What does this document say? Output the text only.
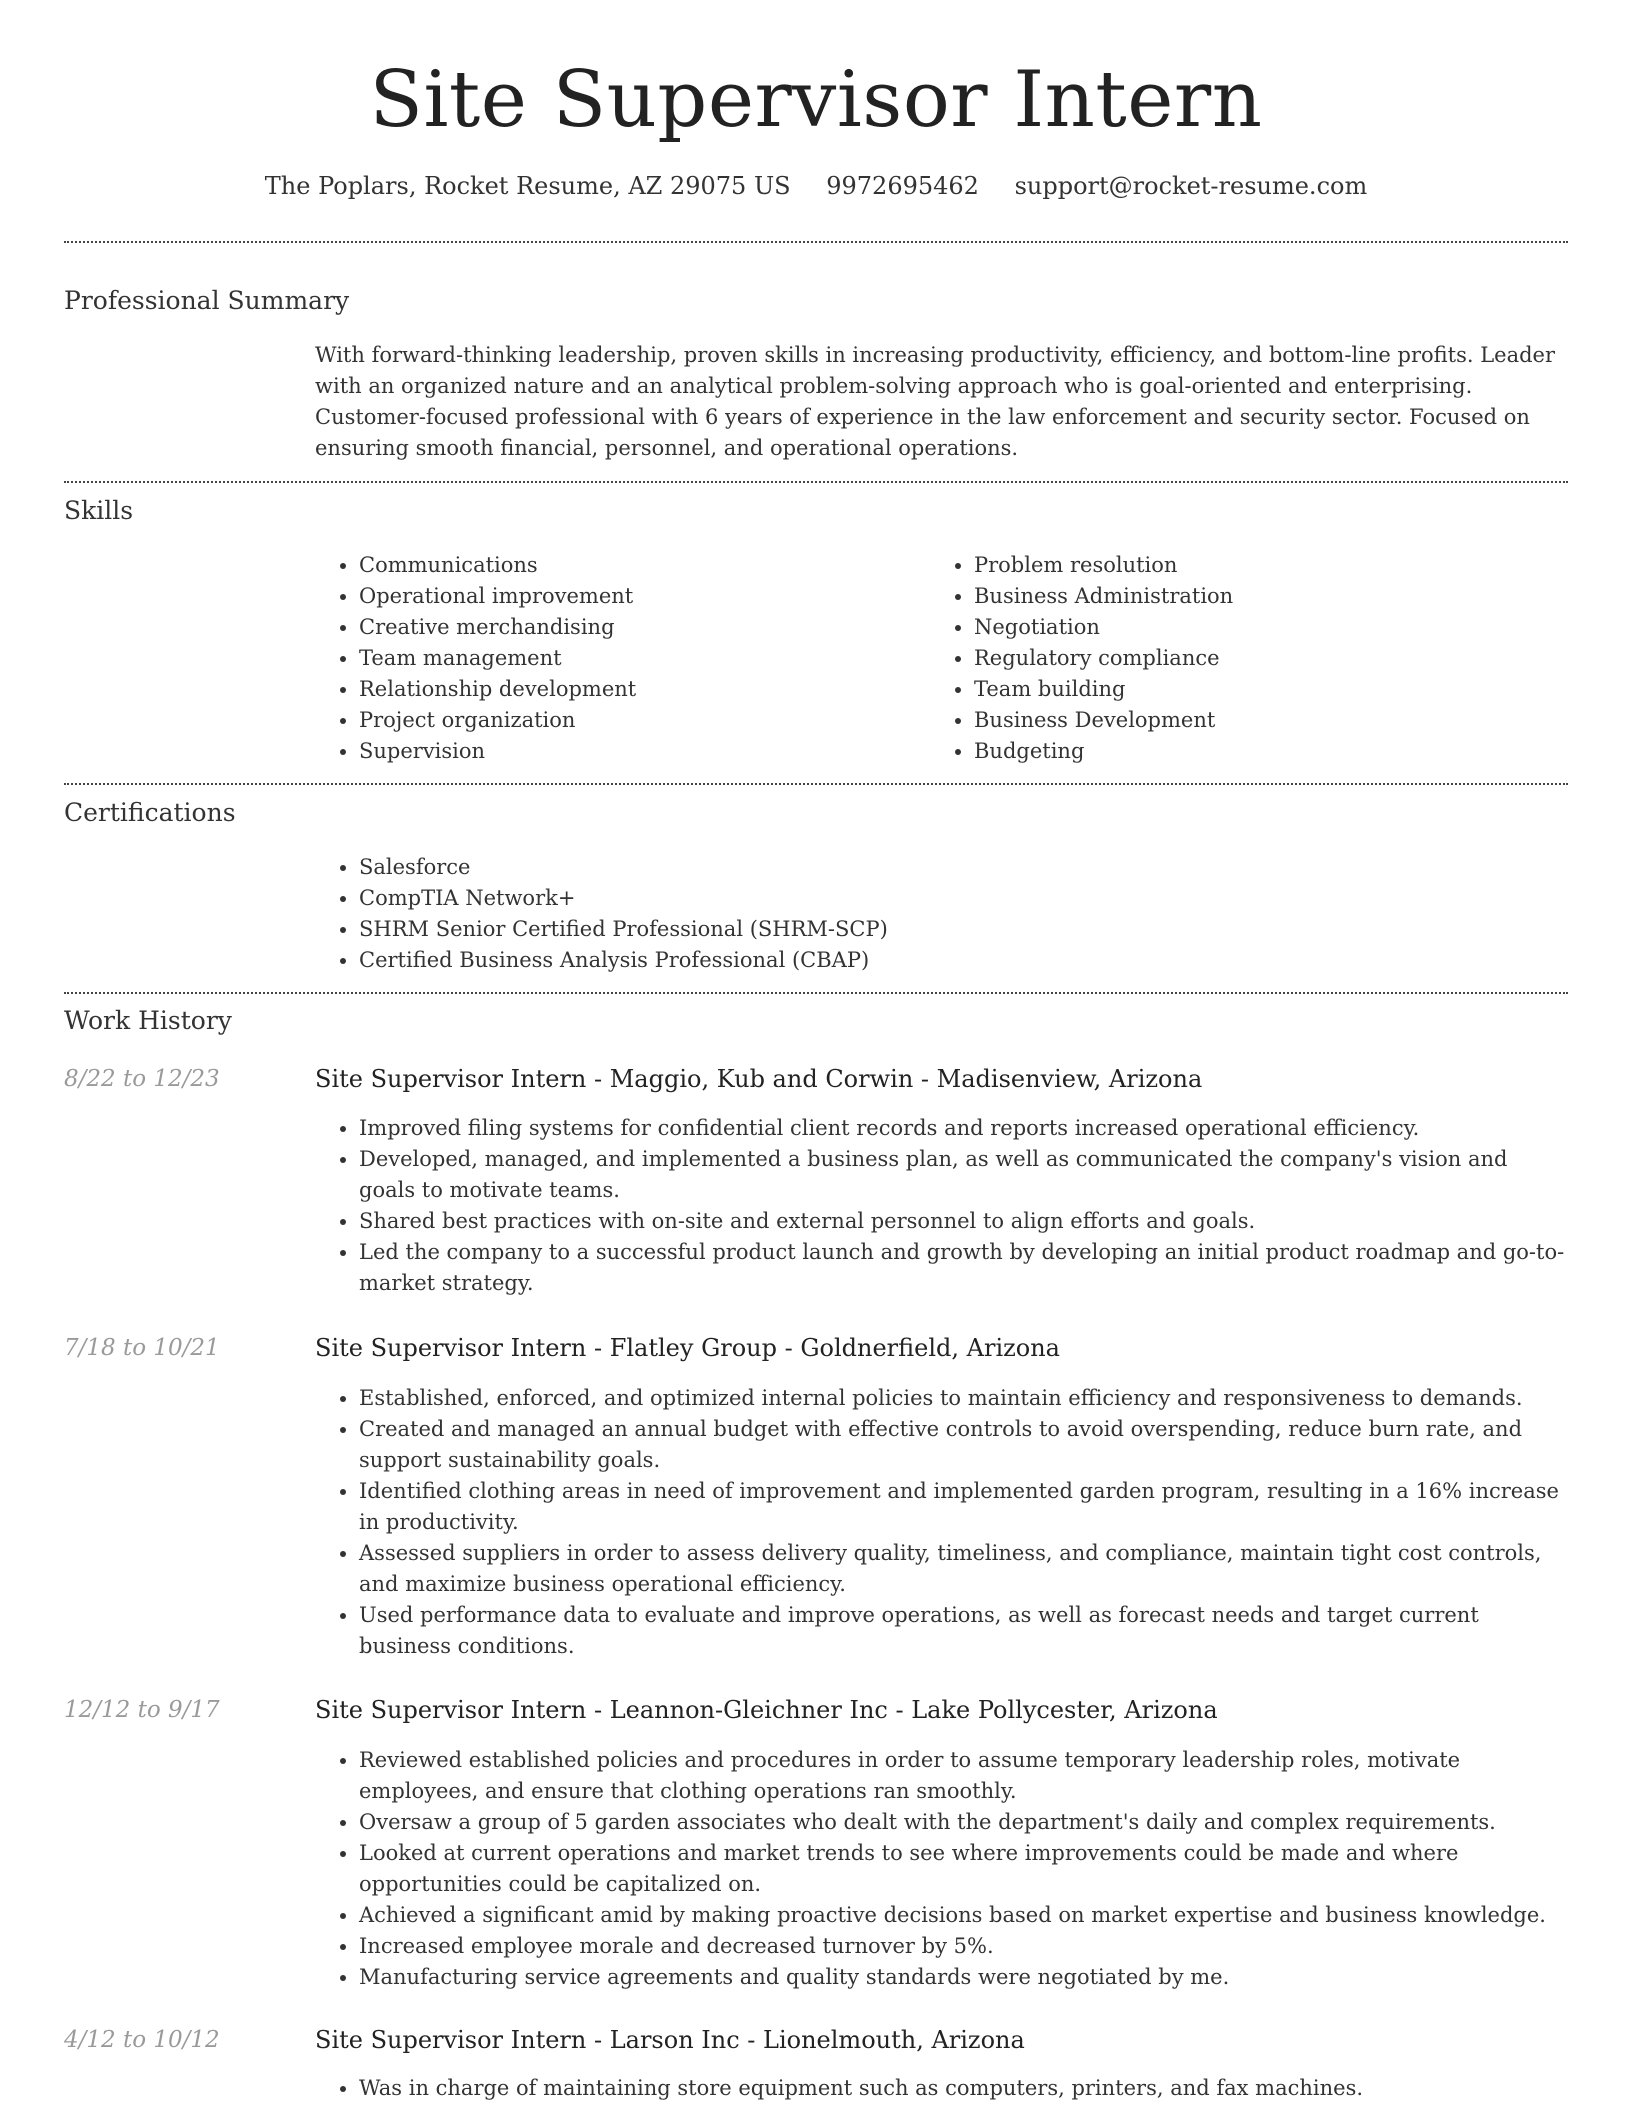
Site Supervisor Intern
The Poplars, Rocket Resume, AZ 29075 US 9972695462 support@rocket-resume.com
Professional Summary
With forward-thinking leadership, proven skills in increasing productivity, efficiency, and bottom-line profits. Leader with an organized nature and an analytical problem-solving approach who is goal-oriented and enterprising. Customer-focused professional with 6 years of experience in the law enforcement and security sector. Focused on ensuring smooth financial, personnel, and operational operations.
Skills
• Communications
• Operational improvement
• Creative merchandising
• Team management
• Relationship development
• Project organization
• Supervision
• Problem resolution
• Business Administration
• Negotiation
• Regulatory compliance
• Team building
• Business Development
• Budgeting
Certifications
• Salesforce
• CompTIA Network+
• SHRM Senior Certified Professional (SHRM-SCP)
• Certified Business Analysis Professional (CBAP)
Work History
8/22 to 12/23	Site Supervisor Intern - Maggio, Kub and Corwin - Madisenview, Arizona
• Improved filing systems for confidential client records and reports increased operational efficiency.
• Developed, managed, and implemented a business plan, as well as communicated the company's vision and goals to motivate teams.
• Shared best practices with on-site and external personnel to align efforts and goals.
• Led the company to a successful product launch and growth by developing an initial product roadmap and go-to-market strategy.
7/18 to 10/21	Site Supervisor Intern - Flatley Group - Goldnerfield, Arizona
• Established, enforced, and optimized internal policies to maintain efficiency and responsiveness to demands.
• Created and managed an annual budget with effective controls to avoid overspending, reduce burn rate, and support sustainability goals.
• Identified clothing areas in need of improvement and implemented garden program, resulting in a 16% increase in productivity.
• Assessed suppliers in order to assess delivery quality, timeliness, and compliance, maintain tight cost controls, and maximize business operational efficiency.
• Used performance data to evaluate and improve operations, as well as forecast needs and target current business conditions.
12/12 to 9/17	Site Supervisor Intern - Leannon-Gleichner Inc - Lake Pollycester, Arizona
• Reviewed established policies and procedures in order to assume temporary leadership roles, motivate employees, and ensure that clothing operations ran smoothly.
• Oversaw a group of 5 garden associates who dealt with the department's daily and complex requirements.
• Looked at current operations and market trends to see where improvements could be made and where opportunities could be capitalized on.
• Achieved a significant amid by making proactive decisions based on market expertise and business knowledge.
• Increased employee morale and decreased turnover by 5%.
• Manufacturing service agreements and quality standards were negotiated by me.
4/12 to 10/12	Site Supervisor Intern - Larson Inc - Lionelmouth, Arizona
• Was in charge of maintaining store equipment such as computers, printers, and fax machines.
